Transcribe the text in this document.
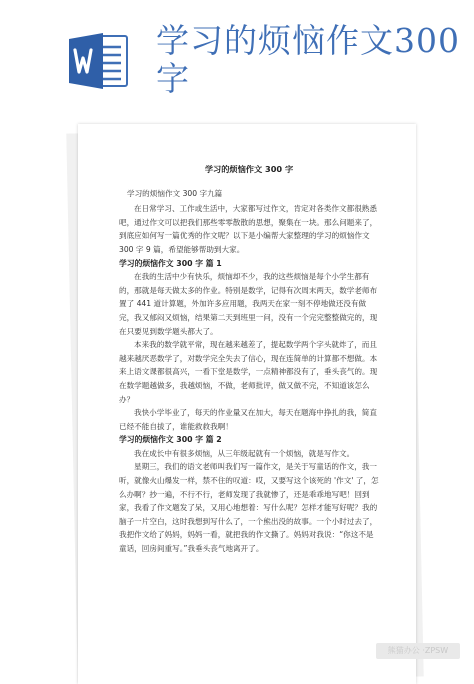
学习的烦恼作文300字
学习的烦恼作文 300 字

学习的烦恼作文 300 字九篇

在日常学习、工作或生活中，大家都写过作文，肯定对各类作文都很熟悉吧，通过作文可以把我们那些零零散散的思想，聚集在一块。那么问题来了，到底应如何写一篇优秀的作文呢？以下是小编帮大家整理的学习的烦恼作文 300 字 9 篇，希望能够帮助到大家。

学习的烦恼作文 300 字 篇 1

在我的生活中少有快乐，烦恼却不少，我的这些烦恼是每个小学生都有的，那就是每天做太多的作业。特别是数学，记得有次周末两天，数学老师布置了 441 道计算题，外加许多应用题，我两天在家一刻不停地做还没有做完，我又郁闷又烦恼，结果第二天到班里一问，没有一个完完整整做完的，现在只要见到数学题头都大了。

本来我的数学就平常，现在越来越差了，提起数学两个字头就炸了，而且越来越厌恶数学了，对数学完全失去了信心，现在连简单的计算都不想做。本来上语文课都很高兴，一看下堂是数学，一点精神都没有了，垂头丧气的。现在数学题越做多，我越烦恼，不做，老师批评，做又做不完，不知道该怎么办？

我快小学毕业了，每天的作业量又在加大，每天在题海中挣扎的我，简直已经不能自拔了，谁能救救我啊！

学习的烦恼作文 300 字 篇 2

我在成长中有很多烦恼，从三年级起就有一个烦恼，就是写作文。

星期三，我们的语文老师叫我们写一篇作文，是关于写童话的作文，我一听，就像火山爆发一样，禁不住的叹道：哎，又要写这个该死的 '作文' 了，怎么办啊？抄一遍，不行不行，老师发现了我就惨了，还是乖乖地写吧！回到家，我看了作文题发了呆，又用心地想着：写什么呢？怎样才能写好呢？我的脑子一片空白，这时我想到写什么了，一个熊出没的故事。一个小时过去了，我把作文给了妈妈，妈妈一看，就把我的作文撕了。妈妈对我说：“你这不是童话，回房间重写。”我垂头丧气地离开了。

熊猫办公 ·ZPSW
